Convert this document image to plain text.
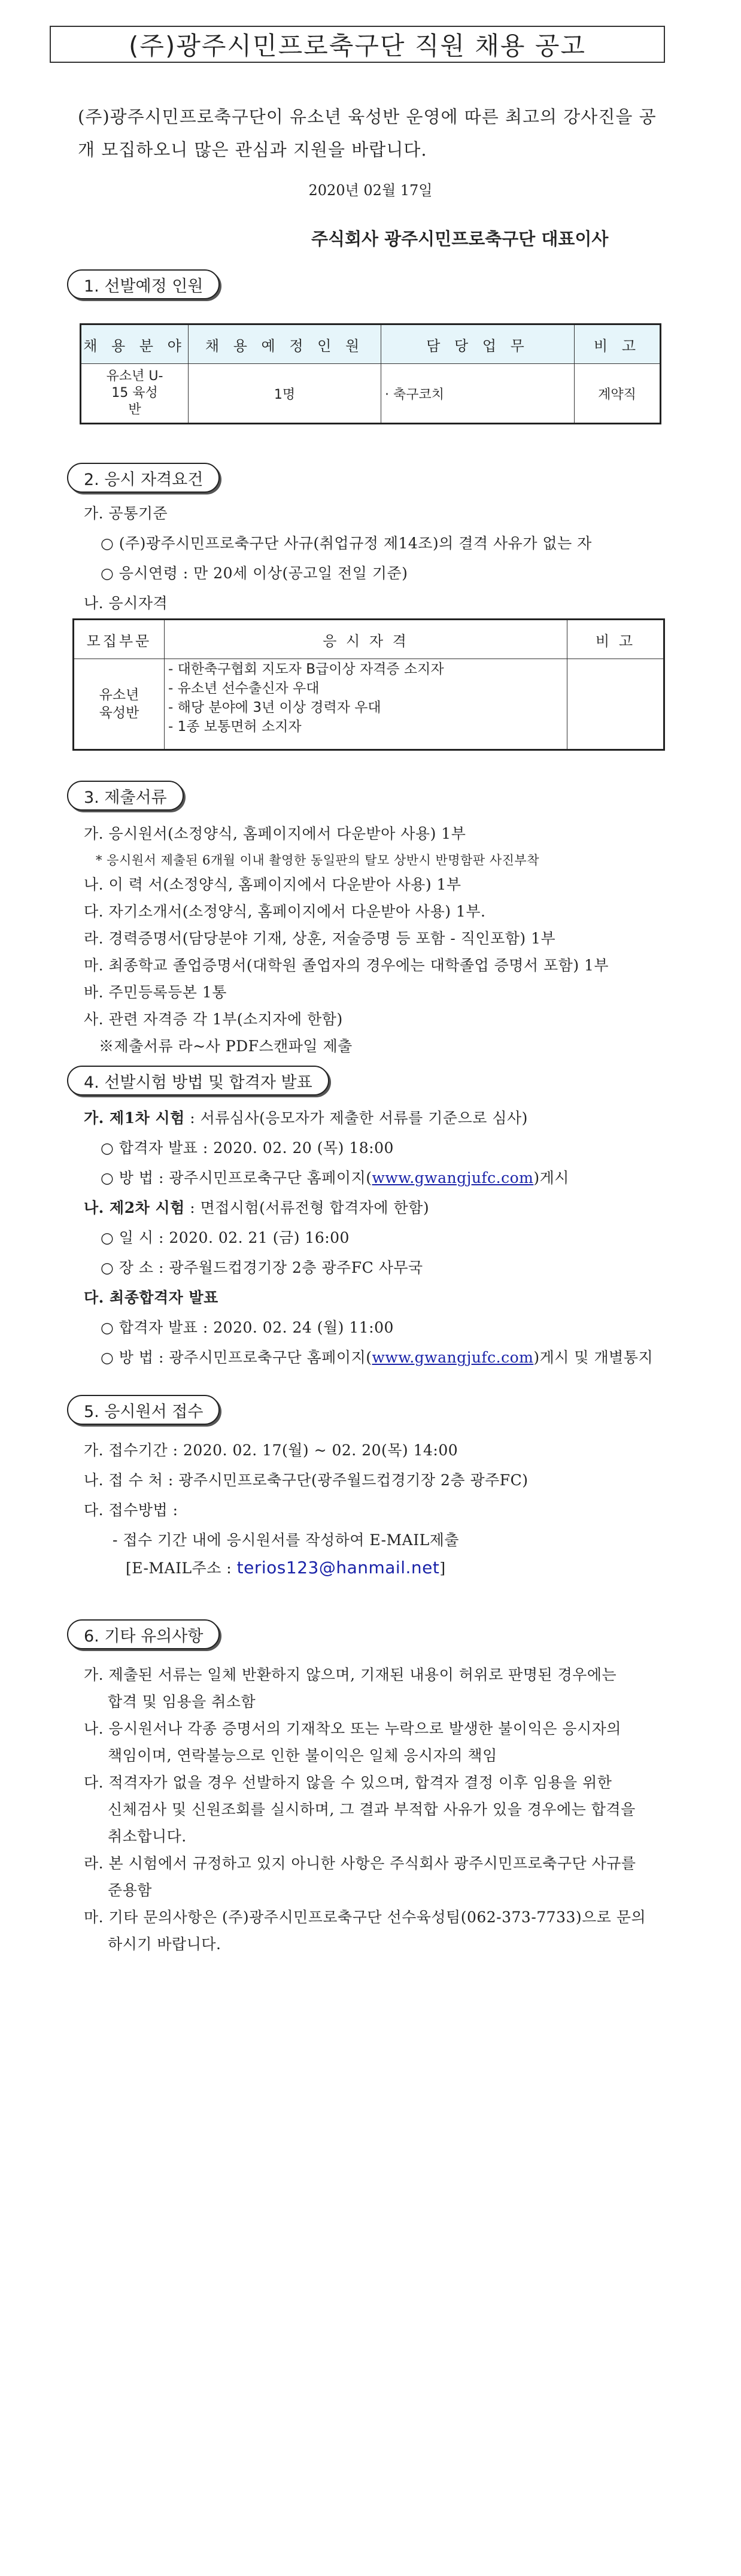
(주)광주시민프로축구단 직원 채용 공고
(주)광주시민프로축구단이 유소년 육성반 운영에 따른 최고의 강사진을 공개 모집하오니 많은 관심과 지원을 바랍니다.
2020년 02월 17일
주식회사 광주시민프로축구단 대표이사
1. 선발예정 인원
채 용 분 야	채 용 예 정 인 원	담 당 업 무	비 고
유소년 U-15 육성반	1명	· 축구코치	계약직
2. 응시 자격요건
가. 공통기준
○ (주)광주시민프로축구단 사규(취업규정 제14조)의 결격 사유가 없는 자
○ 응시연령 : 만 20세 이상(공고일 전일 기준)
나. 응시자격
모집부문	응 시 자 격	비 고
유소년 육성반	- 대한축구협회 지도자 B급이상 자격증 소지자
- 유소년 선수출신자 우대
- 해당 분야에 3년 이상 경력자 우대
- 1종 보통면허 소지자	

3. 제출서류
가. 응시원서(소정양식, 홈페이지에서 다운받아 사용) 1부
* 응시원서 제출된 6개월 이내 촬영한 동일판의 탈모 상반시 반명함판 사진부착
나. 이 력 서(소정양식, 홈페이지에서 다운받아 사용) 1부
다. 자기소개서(소정양식, 홈페이지에서 다운받아 사용) 1부.
라. 경력증명서(담당분야 기재, 상훈, 저술증명 등 포함 - 직인포함) 1부
마. 최종학교 졸업증명서(대학원 졸업자의 경우에는 대학졸업 증명서 포함) 1부
바. 주민등록등본 1통
사. 관련 자격증 각 1부(소지자에 한함)
※제출서류 라~사 PDF스캔파일 제출
4. 선발시험 방법 및 합격자 발표
가. 제1차 시험 : 서류심사(응모자가 제출한 서류를 기준으로 심사)
○ 합격자 발표 : 2020. 02. 20 (목) 18:00
○ 방 법 : 광주시민프로축구단 홈페이지(www.gwangjufc.com)게시
나. 제2차 시험 : 면접시험(서류전형 합격자에 한함)
○ 일 시 : 2020. 02. 21 (금) 16:00
○ 장 소 : 광주월드컵경기장 2층 광주FC 사무국
다. 최종합격자 발표
○ 합격자 발표 : 2020. 02. 24 (월) 11:00
○ 방 법 : 광주시민프로축구단 홈페이지(www.gwangjufc.com)게시 및 개별통지
5. 응시원서 접수
가. 접수기간 : 2020. 02. 17(월) ~ 02. 20(목) 14:00
나. 접 수 처 : 광주시민프로축구단(광주월드컵경기장 2층 광주FC)
다. 접수방법 :
- 접수 기간 내에 응시원서를 작성하여 E-MAIL제출
[E-MAIL주소 : terios123@hanmail.net]
6. 기타 유의사항
가. 제출된 서류는 일체 반환하지 않으며, 기재된 내용이 허위로 판명된 경우에는
합격 및 임용을 취소함
나. 응시원서나 각종 증명서의 기재착오 또는 누락으로 발생한 불이익은 응시자의
책임이며, 연락불능으로 인한 불이익은 일체 응시자의 책임
다. 적격자가 없을 경우 선발하지 않을 수 있으며, 합격자 결정 이후 임용을 위한
신체검사 및 신원조회를 실시하며, 그 결과 부적합 사유가 있을 경우에는 합격을
취소합니다.
라. 본 시험에서 규정하고 있지 아니한 사항은 주식회사 광주시민프로축구단 사규를
준용함
마. 기타 문의사항은 (주)광주시민프로축구단 선수육성팀(062-373-7733)으로 문의
하시기 바랍니다.
